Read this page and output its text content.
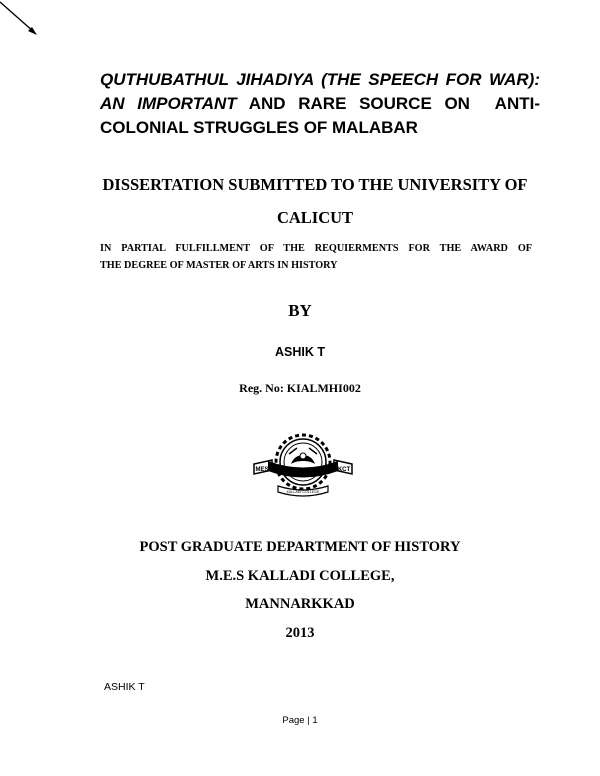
QUTHUBATHUL JIHADIYA (THE SPEECH FOR WAR):
AN IMPORTANT AND RARE SOURCE ON  ANTI-
COLONIAL STRUGGLES OF MALABAR
DISSERTATION SUBMITTED TO THE UNIVERSITY OF
CALICUT
IN PARTIAL FULFILLMENT OF THE REQUIERMENTS FOR THE AWARD OF
THE DEGREE OF MASTER OF ARTS IN HISTORY
BY
ASHIK T
Reg. No: KIALMHI002
MES	KCT
KALLADI COLLEGE
POST GRADUATE DEPARTMENT OF HISTORY
M.E.S KALLADI COLLEGE,
MANNARKKAD
2013
ASHIK T
Page | 1
